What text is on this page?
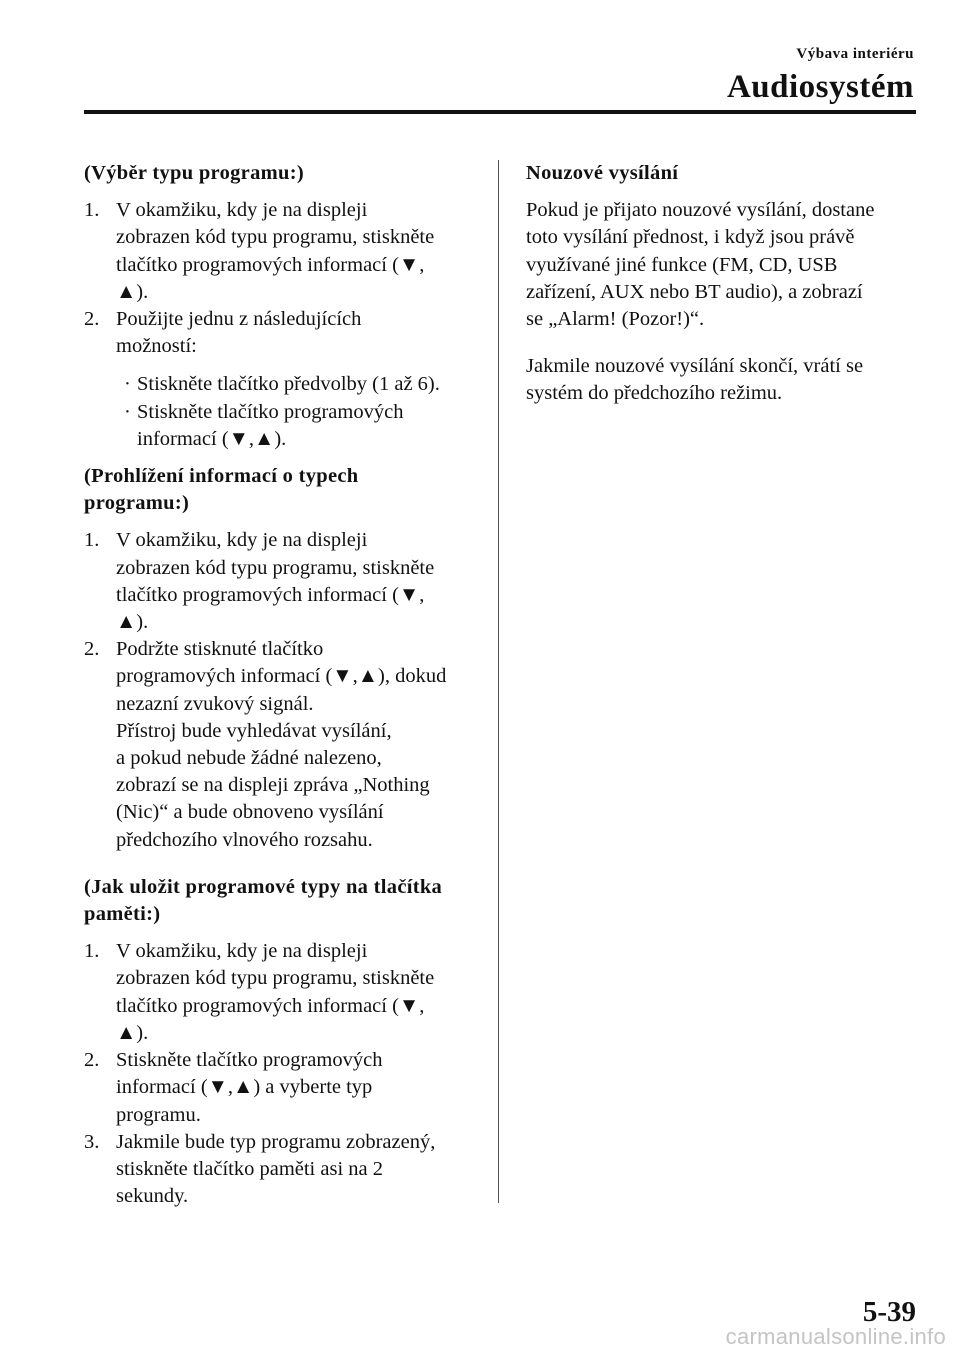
Výbava interiéru
Audiosystém
(Výběr typu programu:)
1. V okamžiku, kdy je na displeji
zobrazen kód typu programu, stiskněte
tlačítko programových informací (▼,
▲).
2. Použijte jednu z následujících
možností:
· Stiskněte tlačítko předvolby (1 až 6).
· Stiskněte tlačítko programových
informací (▼,▲).
(Prohlížení informací o typech
programu:)
1. V okamžiku, kdy je na displeji
zobrazen kód typu programu, stiskněte
tlačítko programových informací (▼,
▲).
2. Podržte stisknuté tlačítko
programových informací (▼,▲), dokud
nezazní zvukový signál.
Přístroj bude vyhledávat vysílání,
a pokud nebude žádné nalezeno,
zobrazí se na displeji zpráva „Nothing
(Nic)“ a bude obnoveno vysílání
předchozího vlnového rozsahu.
(Jak uložit programové typy na tlačítka
paměti:)
1. V okamžiku, kdy je na displeji
zobrazen kód typu programu, stiskněte
tlačítko programových informací (▼,
▲).
2. Stiskněte tlačítko programových
informací (▼,▲) a vyberte typ
programu.
3. Jakmile bude typ programu zobrazený,
stiskněte tlačítko paměti asi na 2
sekundy.
Nouzové vysílání
Pokud je přijato nouzové vysílání, dostane
toto vysílání přednost, i když jsou právě
využívané jiné funkce (FM, CD, USB
zařízení, AUX nebo BT audio), a zobrazí
se „Alarm! (Pozor!)“.
Jakmile nouzové vysílání skončí, vrátí se
systém do předchozího režimu.
5-39
carmanualsonline.info
